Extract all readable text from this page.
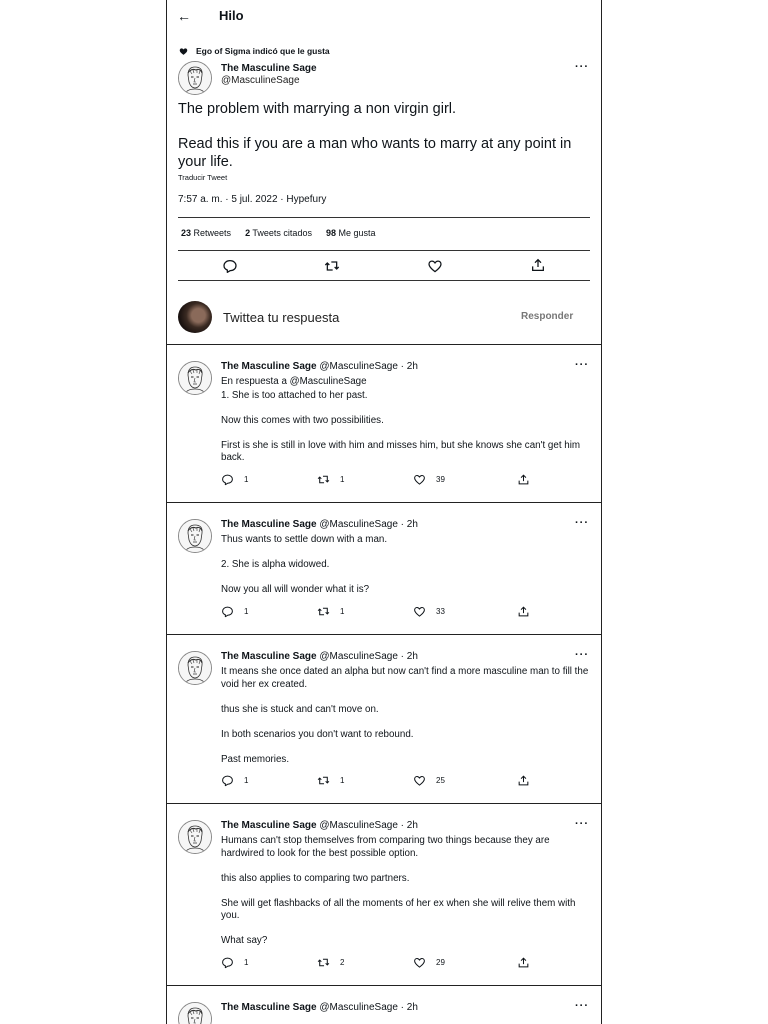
← Hilo
Ego of Sigma indicó que le gusta
The Masculine Sage
@MasculineSage
···

The problem with marrying a non virgin girl.

Read this if you are a man who wants to marry at any point in your life.

Traducir Tweet
7:57 a. m. · 5 jul. 2022 · Hypefury
23 Retweets 2 Tweets citados 98 Me gusta
Twittea tu respuesta	Responder
The Masculine Sage @MasculineSage · 2h	···
En respuesta a @MasculineSage

1. She is too attached to her past.

Now this comes with two possibilities.

First is she is still in love with him and misses him, but she knows she can't get him back.

1	1	39
The Masculine Sage @MasculineSage · 2h	···

Thus wants to settle down with a man.

2. She is alpha widowed.

Now you all will wonder what it is?

1	1	33
The Masculine Sage @MasculineSage · 2h	···

It means she once dated an alpha but now can't find a more masculine man to fill the void her ex created.

thus she is stuck and can't move on.

In both scenarios you don't want to rebound.

Past memories.

1	1	25
The Masculine Sage @MasculineSage · 2h	···

Humans can't stop themselves from comparing two things because they are hardwired to look for the best possible option.

this also applies to comparing two partners.

She will get flashbacks of all the moments of her ex when she will relive them with you.

What say?

1	2	29
The Masculine Sage @MasculineSage · 2h	···
